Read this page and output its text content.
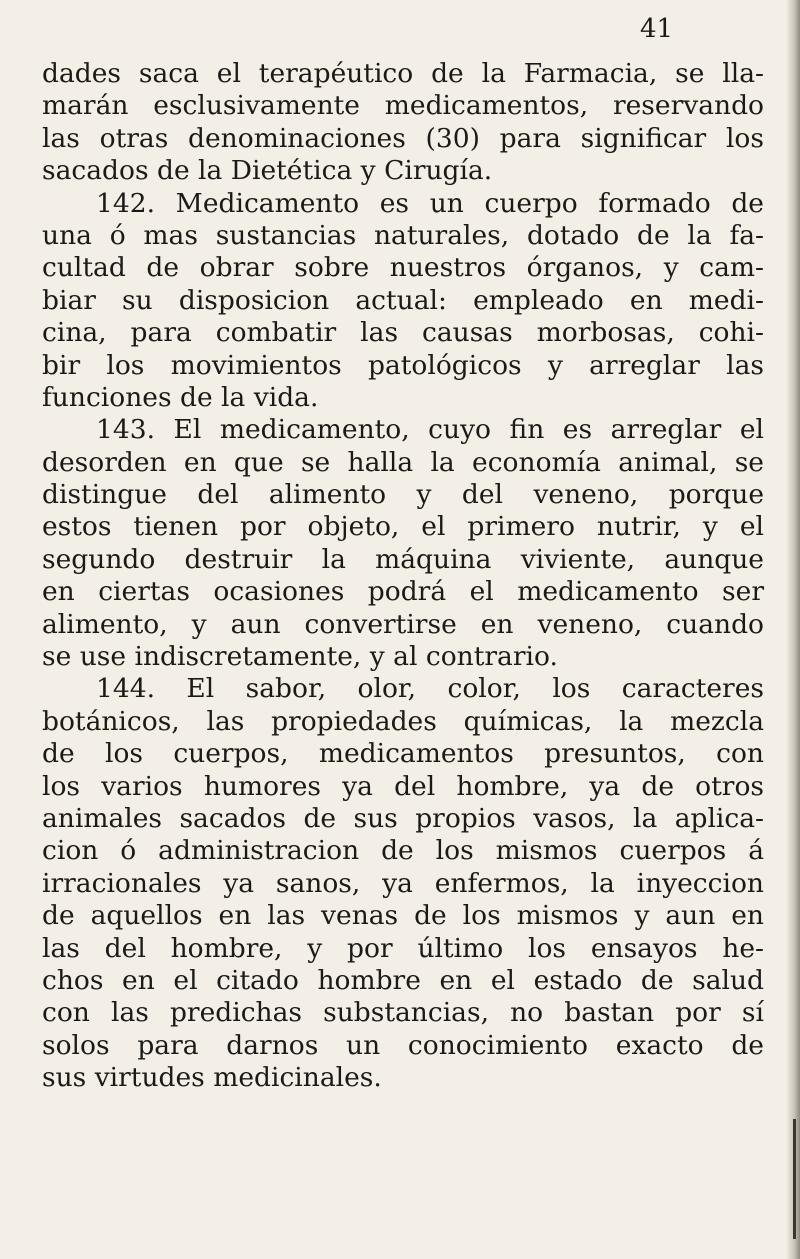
41
dades saca el terapéutico de la Farmacia, se lla-
marán esclusivamente medicamentos, reservando
las otras denominaciones (30) para significar los
sacados de la Dietética y Cirugía.
142. Medicamento es un cuerpo formado de
una ó mas sustancias naturales, dotado de la fa-
cultad de obrar sobre nuestros órganos, y cam-
biar su disposicion actual: empleado en medi-
cina, para combatir las causas morbosas, cohi-
bir los movimientos patológicos y arreglar las
funciones de la vida.
143. El medicamento, cuyo fin es arreglar el
desorden en que se halla la economía animal, se
distingue del alimento y del veneno, porque
estos tienen por objeto, el primero nutrir, y el
segundo destruir la máquina viviente, aunque
en ciertas ocasiones podrá el medicamento ser
alimento, y aun convertirse en veneno, cuando
se use indiscretamente, y al contrario.
144. El sabor, olor, color, los caracteres
botánicos, las propiedades químicas, la mezcla
de los cuerpos, medicamentos presuntos, con
los varios humores ya del hombre, ya de otros
animales sacados de sus propios vasos, la aplica-
cion ó administracion de los mismos cuerpos á
irracionales ya sanos, ya enfermos, la inyeccion
de aquellos en las venas de los mismos y aun en
las del hombre, y por último los ensayos he-
chos en el citado hombre en el estado de salud
con las predichas substancias, no bastan por sí
solos para darnos un conocimiento exacto de
sus virtudes medicinales.
